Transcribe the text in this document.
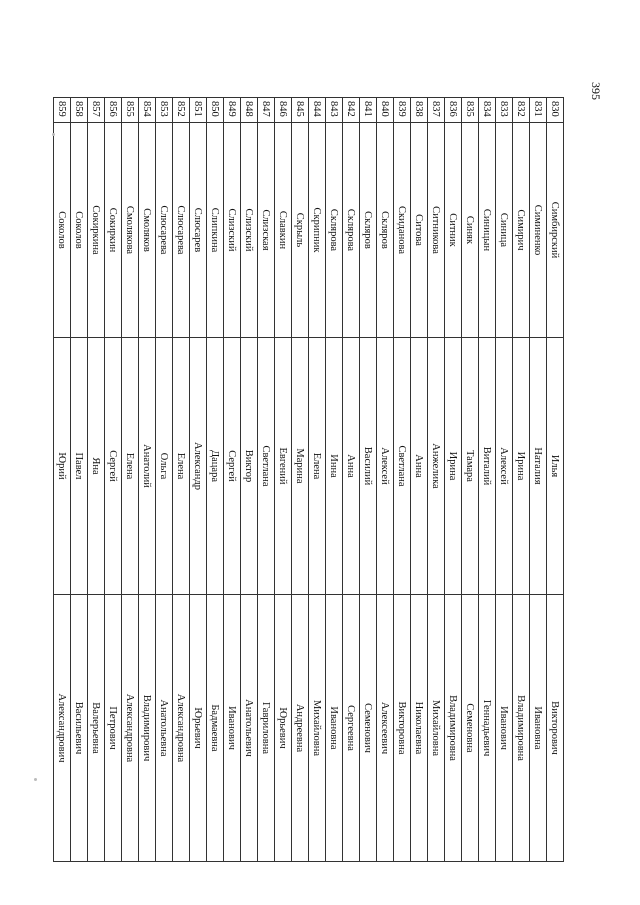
395
830	Симбирский	Илья	Викторович
831	Симиненко	Наталия	Ивановна
832	Симирич	Ирина	Владимировна
833	Синица	Алексей	Иванович
834	Синицын	Виталий	Геннадьевич
835	Синяк	Тамара	Семеновна
836	Ситник	Ирина	Владимировна
837	Ситникова	Анжелика	Михайловна
838	Ситова	Анна	Николаевна
839	Скиданова	Светлана	Викторовна
840	Скляров	Алексей	Алексеевич
841	Скляров	Василий	Семенович
842	Склярова	Анна	Сергеевна
843	Склярова	Инна	Ивановна
844	Скрипник	Елена	Михайловна
845	Скрыль	Марина	Андреевна
846	Славкин	Евгений	Юрьевич
847	Слизская	Светлана	Гавриловна
848	Слизский	Виктор	Анатольевич
849	Слизский	Сергей	Иванович
850	Слипкина	Дацара	Бадмаевна
851	Слюсарев	Александр	Юрьевич
852	Слюсарева	Елена	Александровна
853	Слюсарева	Ольга	Анатольевна
854	Смоляков	Анатолий	Владимирович
855	Смолякова	Елена	Александровна
856	Сокиркин	Сергей	Петрович
857	Сокиркина	Яна	Валерьевна
858	Соколов	Павел	Васильевич
859	Соколов	Юрий	Александрович
